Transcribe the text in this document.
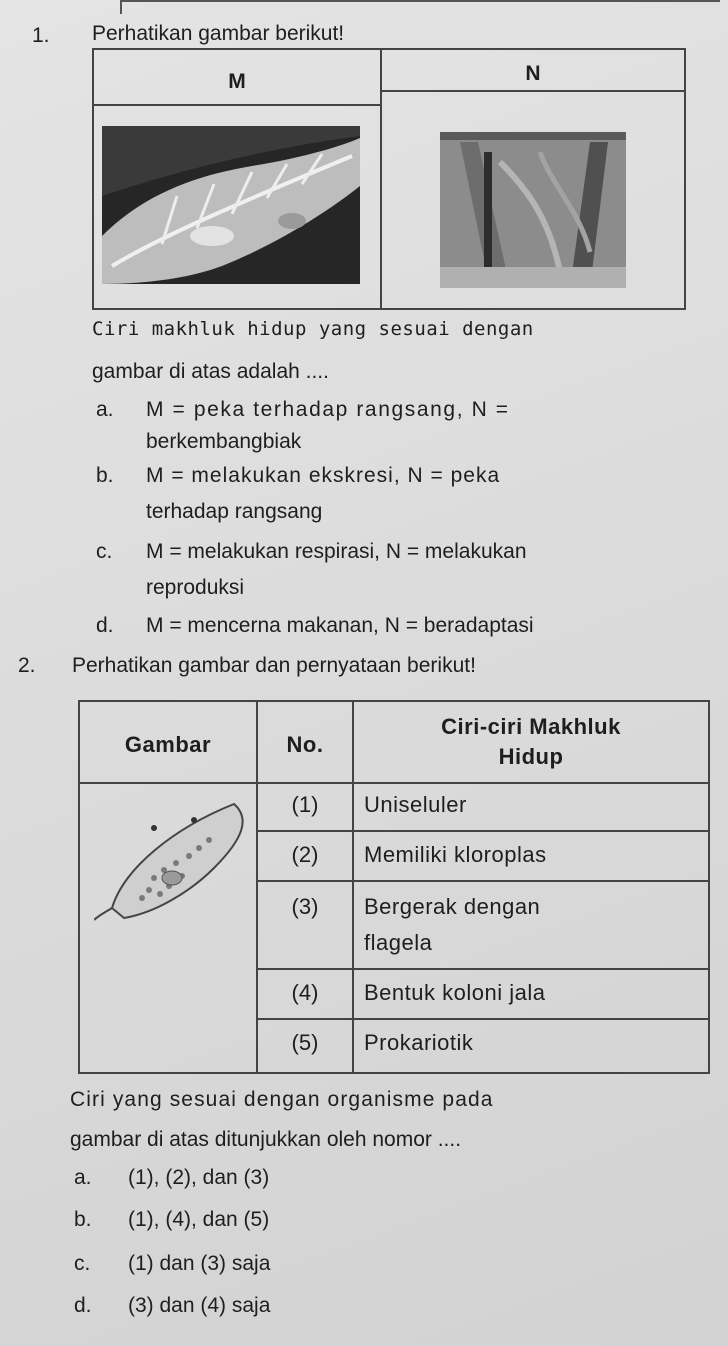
1. Perhatikan gambar berikut!
M	N
Ciri makhluk hidup yang sesuai dengan
gambar di atas adalah ....
a. M = peka terhadap rangsang, N =
berkembangbiak
b. M = melakukan ekskresi, N = peka
terhadap rangsang
c. M = melakukan respirasi, N = melakukan
reproduksi
d. M = mencerna makanan, N = beradaptasi
2. Perhatikan gambar dan pernyataan berikut!
Gambar	No.
Ciri-ciri Makhluk
Hidup
(1)	Uniseluler
(2)	Memiliki kloroplas
(3)	Bergerak dengan
flagela
(4)	Bentuk koloni jala
(5)	Prokariotik
Ciri yang sesuai dengan organisme pada
gambar di atas ditunjukkan oleh nomor ....
a. (1), (2), dan (3)
b. (1), (4), dan (5)
c. (1) dan (3) saja
d. (3) dan (4) saja
